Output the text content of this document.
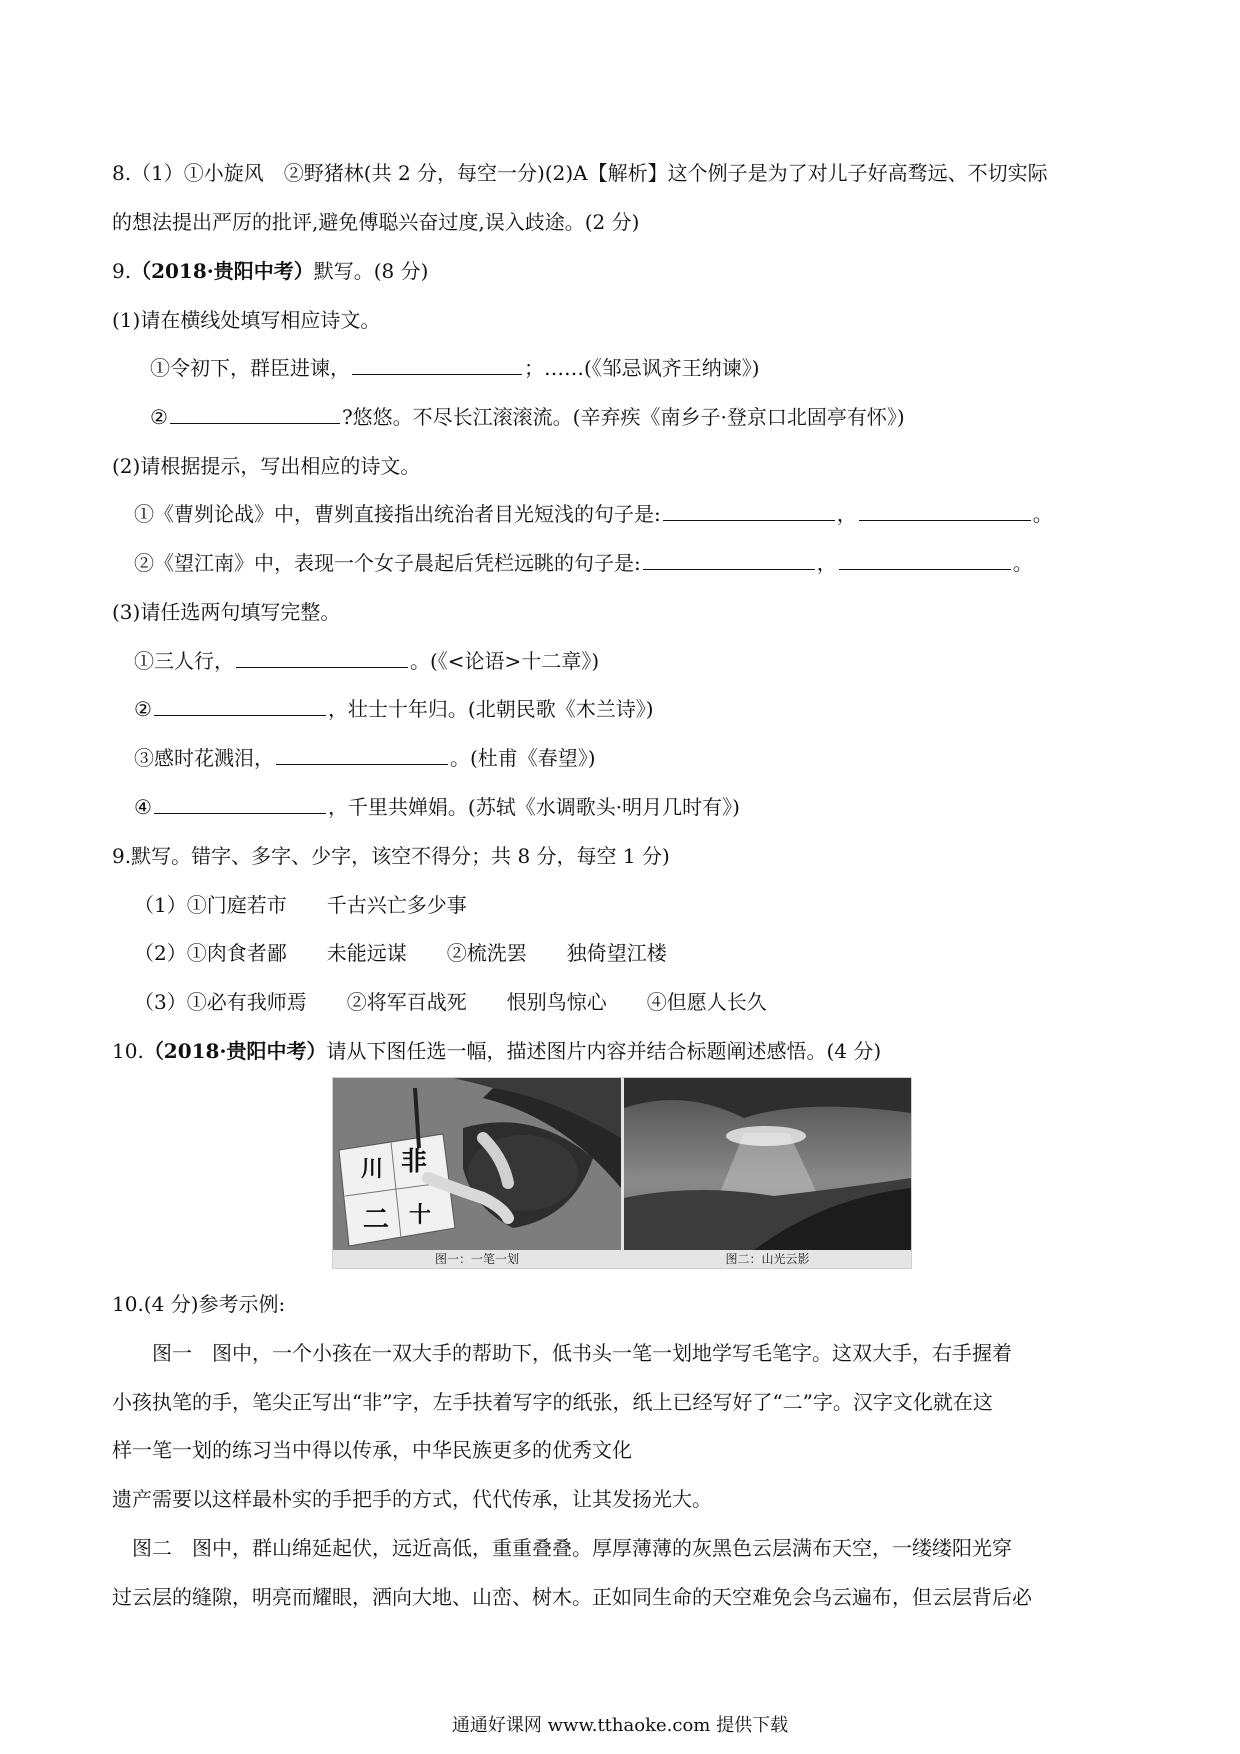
8.（1）①小旋风　②野猪林(共 2 分，每空一分)(2)A【解析】这个例子是为了对儿子好高骛远、不切实际
的想法提出严厉的批评,避免傅聪兴奋过度,误入歧途。(2 分)
9.（2018·贵阳中考）默写。(8 分)
(1)请在横线处填写相应诗文。
①令初下，群臣进谏，	；……(《邹忌讽齐王纳谏》)
②	?悠悠。不尽长江滚滚流。(辛弃疾《南乡子·登京口北固亭有怀》)
(2)请根据提示，写出相应的诗文。
①《曹刿论战》中，曹刿直接指出统治者目光短浅的句子是:	，	。
②《望江南》中，表现一个女子晨起后凭栏远眺的句子是:	，	。
(3)请任选两句填写完整。
①三人行，	。(《<论语>十二章》)
②	，壮士十年归。(北朝民歌《木兰诗》)
③感时花溅泪，	。(杜甫《春望》)
④	，千里共婵娟。(苏轼《水调歌头·明月几时有》)
9.默写。错字、多字、少字，该空不得分；共 8 分，每空 1 分)
（1）①门庭若市　　千古兴亡多少事
（2）①肉食者鄙　　未能远谋　　②梳洗罢　　独倚望江楼
（3）①必有我师焉　　②将军百战死　　恨别鸟惊心　　④但愿人长久
10.（2018·贵阳中考）请从下图任选一幅，描述图片内容并结合标题阐述感悟。(4 分)
川 非
二 十
图一：一笔一划	图二：山光云影
10.(4 分)参考示例:
　　图一　图中，一个小孩在一双大手的帮助下，低书头一笔一划地学写毛笔字。这双大手，右手握着
小孩执笔的手，笔尖正写出“非”字，左手扶着写字的纸张，纸上已经写好了“二”字。汉字文化就在这
样一笔一划的练习当中得以传承，中华民族更多的优秀文化
遗产需要以这样最朴实的手把手的方式，代代传承，让其发扬光大。
　图二　图中，群山绵延起伏，远近高低，重重叠叠。厚厚薄薄的灰黑色云层满布天空，一缕缕阳光穿
过云层的缝隙，明亮而耀眼，洒向大地、山峦、树木。正如同生命的天空难免会乌云遍布，但云层背后必
通通好课网 www.tthaoke.com 提供下载
